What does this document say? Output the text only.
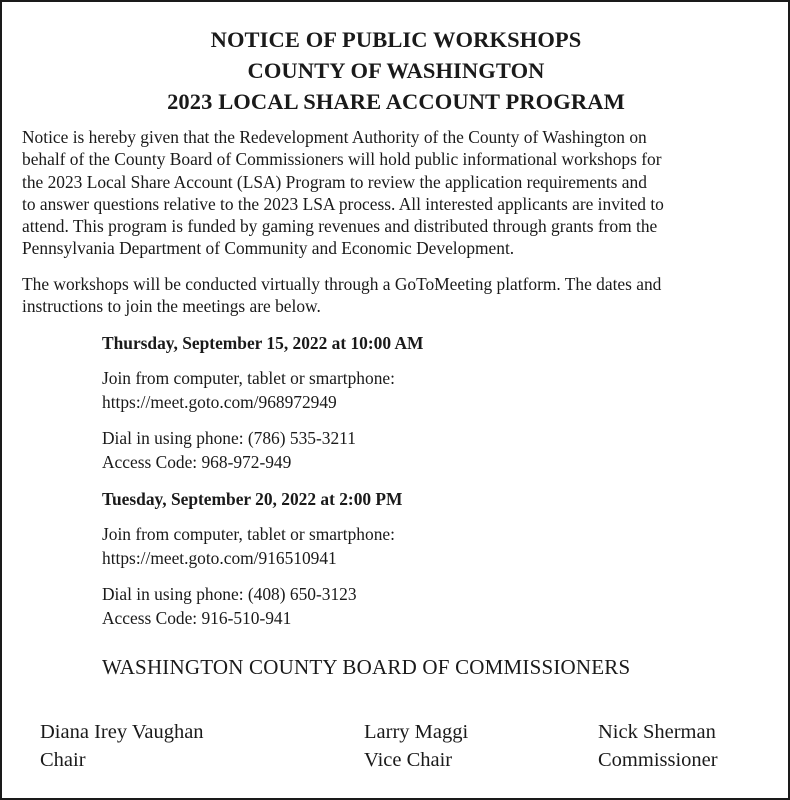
NOTICE OF PUBLIC WORKSHOPS
COUNTY OF WASHINGTON
2023 LOCAL SHARE ACCOUNT PROGRAM

Notice is hereby given that the Redevelopment Authority of the County of Washington on
behalf of the County Board of Commissioners will hold public informational workshops for
the 2023 Local Share Account (LSA) Program to review the application requirements and
to answer questions relative to the 2023 LSA process. All interested applicants are invited to
attend. This program is funded by gaming revenues and distributed through grants from the
Pennsylvania Department of Community and Economic Development.

The workshops will be conducted virtually through a GoToMeeting platform. The dates and
instructions to join the meetings are below.

Thursday, September 15, 2022 at 10:00 AM
Join from computer, tablet or smartphone:
https://meet.goto.com/968972949
Dial in using phone: (786) 535-3211
Access Code: 968-972-949
Tuesday, September 20, 2022 at 2:00 PM
Join from computer, tablet or smartphone:
https://meet.goto.com/916510941
Dial in using phone: (408) 650-3123
Access Code: 916-510-941
WASHINGTON COUNTY BOARD OF COMMISSIONERS
Diana Irey Vaughan
Chair
Larry Maggi
Vice Chair
Nick Sherman
Commissioner
